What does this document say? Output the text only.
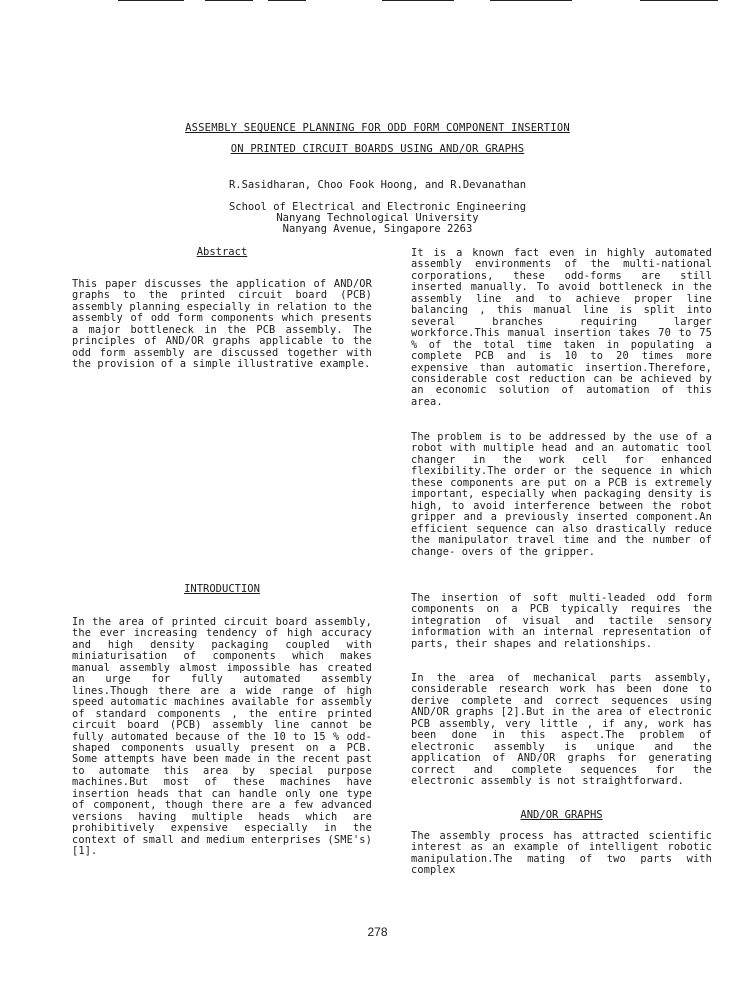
ASSEMBLY SEQUENCE PLANNING FOR ODD FORM COMPONENT INSERTION
ON PRINTED CIRCUIT BOARDS USING AND/OR GRAPHS
R.Sasidharan, Choo Fook Hoong, and R.Devanathan
School of Electrical and Electronic Engineering
Nanyang Technological University
Nanyang Avenue, Singapore 2263
Abstract

This paper discusses the application of AND/OR graphs to the printed circuit board (PCB) assembly planning especially in relation to the assembly of odd form components which presents a major bottleneck in the PCB assembly. The principles of AND/OR graphs applicable to the odd form assembly are discussed together with the provision of a simple illustrative example.

INTRODUCTION

In the area of printed circuit board assembly, the ever increasing tendency of high accuracy and high density packaging coupled with miniaturisation of components which makes manual assembly almost impossible has created an urge for fully automated assembly lines.Though there are a wide range of high speed automatic machines available for assembly of standard components , the entire printed circuit board (PCB) assembly line cannot be fully automated because of the 10 to 15 % odd-shaped components usually present on a PCB. Some attempts have been made in the recent past to automate this area by special purpose machines.But most of these machines have insertion heads that can handle only one type of component, though there are a few advanced versions having multiple heads which are prohibitively expensive especially in the context of small and medium enterprises (SME's) [1].

It is a known fact even in highly automated assembly environments of the multi-national corporations, these odd-forms are still inserted manually. To avoid bottleneck in the assembly line and to achieve proper line balancing , this manual line is split into several branches requiring larger workforce.This manual insertion takes 70 to 75 % of the total time taken in populating a complete PCB and is 10 to 20 times more expensive than automatic insertion.Therefore, considerable cost reduction can be achieved by an economic solution of automation of this area.

The problem is to be addressed by the use of a robot with multiple head and an automatic tool changer in the work cell for enhanced flexibility.The order or the sequence in which these components are put on a PCB is extremely important, especially when packaging density is high, to avoid interference between the robot gripper and a previously inserted component.An efficient sequence can also drastically reduce the manipulator travel time and the number of change- overs of the gripper.

The insertion of soft multi-leaded odd form components on a PCB typically requires the integration of visual and tactile sensory information with an internal representation of parts, their shapes and relationships.

In the area of mechanical parts assembly, considerable research work has been done to derive complete and correct sequences using AND/OR graphs [2].But in the area of electronic PCB assembly, very little , if any, work has been done in this aspect.The problem of electronic assembly is unique and the application of AND/OR graphs for generating correct and complete sequences for the electronic assembly is not straightforward.

AND/OR GRAPHS

The assembly process has attracted scientific interest as an example of intelligent robotic manipulation.The mating of two parts with complex

278
